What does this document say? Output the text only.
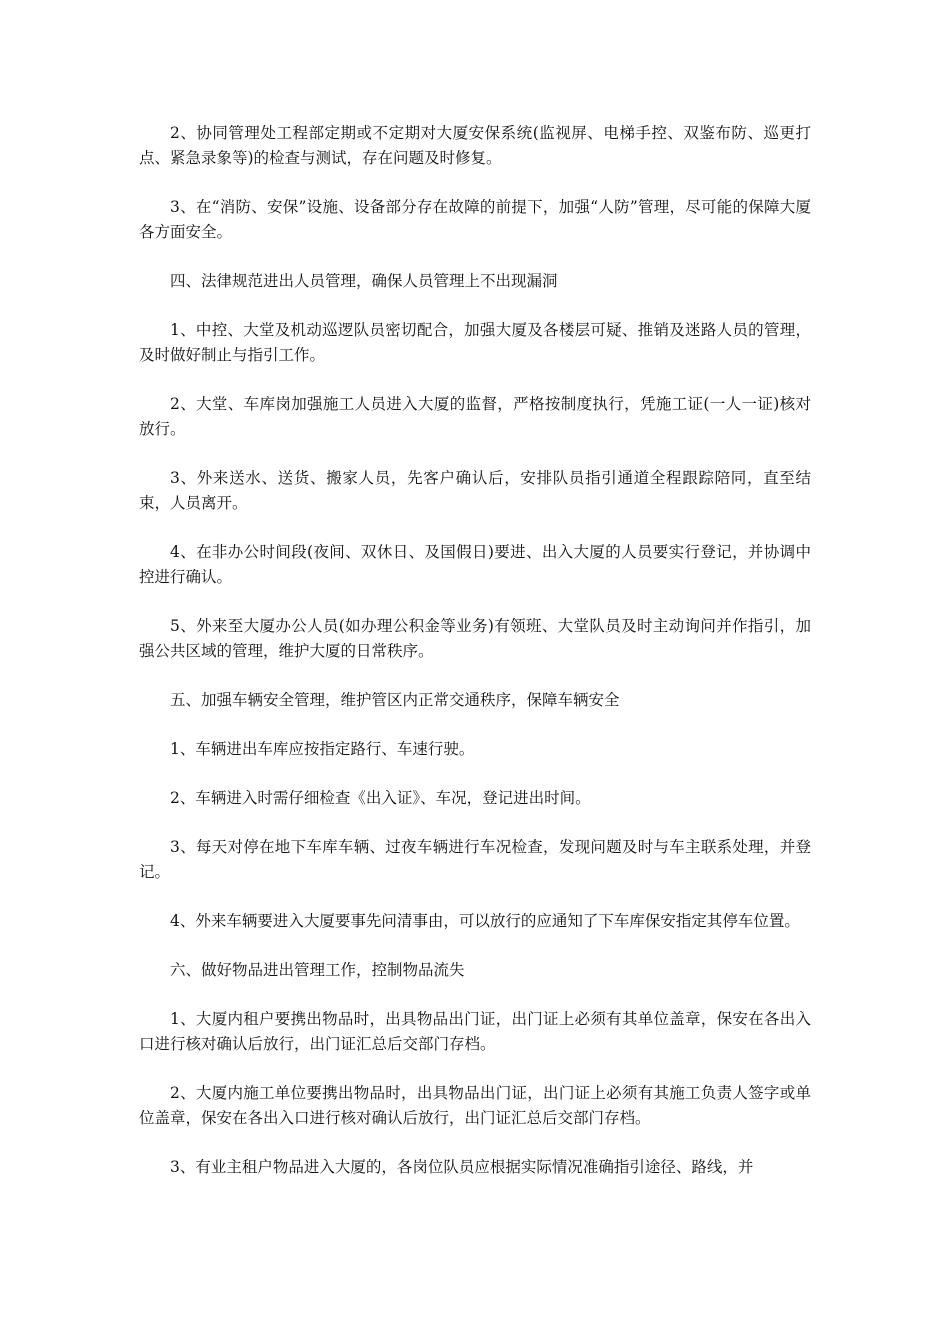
2、协同管理处工程部定期或不定期对大厦安保系统(监视屏、电梯手控、双鉴布防、巡更打点、紧急录象等)的检查与测试，存在问题及时修复。

3、在“消防、安保”设施、设备部分存在故障的前提下，加强“人防”管理，尽可能的保障大厦各方面安全。

四、法律规范进出人员管理，确保人员管理上不出现漏洞

1、中控、大堂及机动巡逻队员密切配合，加强大厦及各楼层可疑、推销及迷路人员的管理，及时做好制止与指引工作。

2、大堂、车库岗加强施工人员进入大厦的监督，严格按制度执行，凭施工证(一人一证)核对放行。

3、外来送水、送货、搬家人员，先客户确认后，安排队员指引通道全程跟踪陪同，直至结束，人员离开。

4、在非办公时间段(夜间、双休日、及国假日)要进、出入大厦的人员要实行登记，并协调中控进行确认。

5、外来至大厦办公人员(如办理公积金等业务)有领班、大堂队员及时主动询问并作指引，加强公共区域的管理，维护大厦的日常秩序。

五、加强车辆安全管理，维护管区内正常交通秩序，保障车辆安全

1、车辆进出车库应按指定路行、车速行驶。

2、车辆进入时需仔细检查《出入证》、车况，登记进出时间。

3、每天对停在地下车库车辆、过夜车辆进行车况检查，发现问题及时与车主联系处理，并登记。

4、外来车辆要进入大厦要事先问清事由，可以放行的应通知了下车库保安指定其停车位置。

六、做好物品进出管理工作，控制物品流失

1、大厦内租户要携出物品时，出具物品出门证，出门证上必须有其单位盖章，保安在各出入口进行核对确认后放行，出门证汇总后交部门存档。

2、大厦内施工单位要携出物品时，出具物品出门证，出门证上必须有其施工负责人签字或单位盖章，保安在各出入口进行核对确认后放行，出门证汇总后交部门存档。

3、有业主租户物品进入大厦的，各岗位队员应根据实际情况准确指引途径、路线，并
